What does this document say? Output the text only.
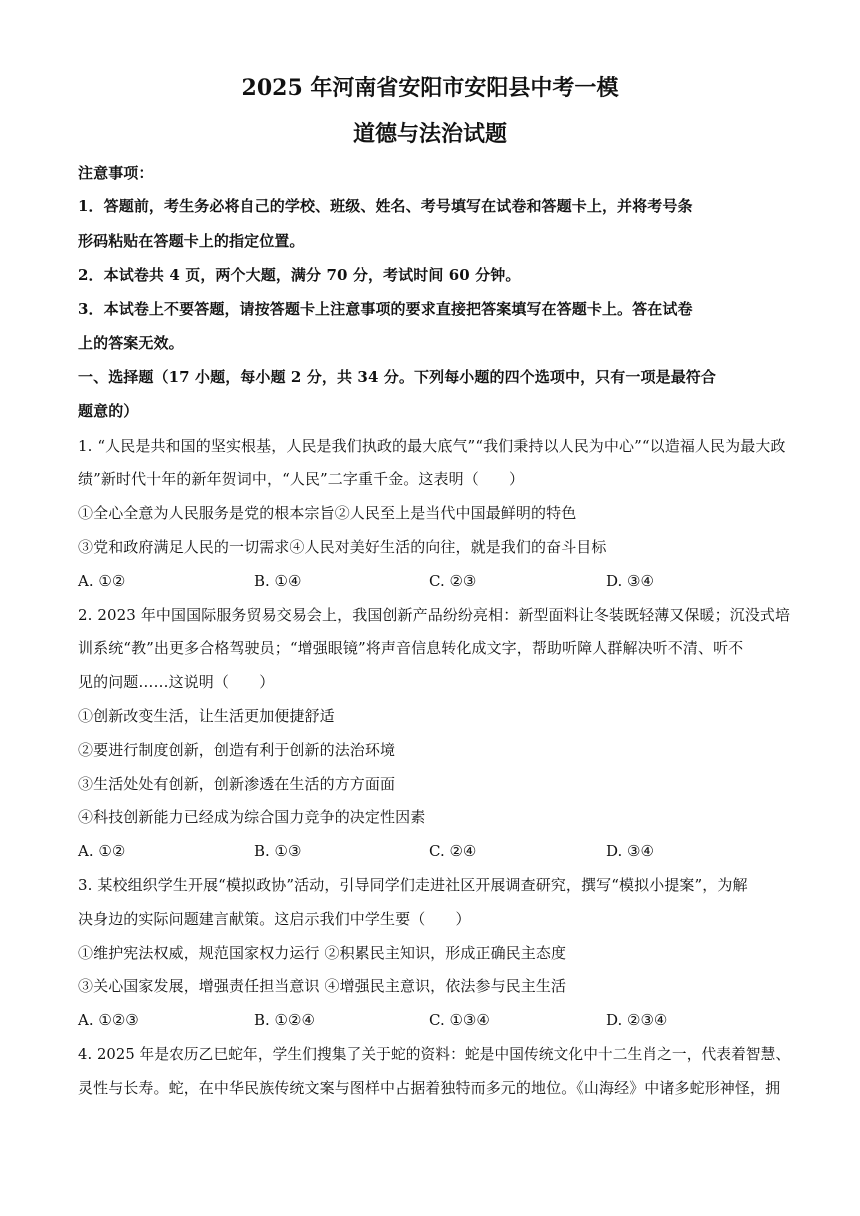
2025 年河南省安阳市安阳县中考一模
道德与法治试题
注意事项：
1．答题前，考生务必将自己的学校、班级、姓名、考号填写在试卷和答题卡上，并将考号条
形码粘贴在答题卡上的指定位置。
2．本试卷共 4 页，两个大题，满分 70 分，考试时间 60 分钟。
3．本试卷上不要答题，请按答题卡上注意事项的要求直接把答案填写在答题卡上。答在试卷
上的答案无效。
一、选择题（17 小题，每小题 2 分，共 34 分。下列每小题的四个选项中，只有一项是最符合
题意的）
1. “人民是共和国的坚实根基，人民是我们执政的最大底气”“我们秉持以人民为中心”“以造福人民为最大政
绩”新时代十年的新年贺词中，“人民”二字重千金。这表明（　　）
①全心全意为人民服务是党的根本宗旨②人民至上是当代中国最鲜明的特色
③党和政府满足人民的一切需求④人民对美好生活的向往，就是我们的奋斗目标
A. ①②	B. ①④	C. ②③	D. ③④
2. 2023 年中国国际服务贸易交易会上，我国创新产品纷纷亮相：新型面料让冬装既轻薄又保暖；沉没式培
训系统“教”出更多合格驾驶员；“增强眼镜”将声音信息转化成文字，帮助听障人群解决听不清、听不
见的问题……这说明（　　）
①创新改变生活，让生活更加便捷舒适
②要进行制度创新，创造有利于创新的法治环境
③生活处处有创新，创新渗透在生活的方方面面
④科技创新能力已经成为综合国力竞争的决定性因素
A. ①②	B. ①③	C. ②④	D. ③④
3. 某校组织学生开展“模拟政协”活动，引导同学们走进社区开展调查研究，撰写“模拟小提案”，为解
决身边的实际问题建言献策。这启示我们中学生要（　　）
①维护宪法权威，规范国家权力运行 ②积累民主知识，形成正确民主态度
③关心国家发展，增强责任担当意识 ④增强民主意识，依法参与民主生活
A. ①②③	B. ①②④	C. ①③④	D. ②③④
4. 2025 年是农历乙巳蛇年，学生们搜集了关于蛇的资料：蛇是中国传统文化中十二生肖之一，代表着智慧、
灵性与长寿。蛇，在中华民族传统文案与图样中占据着独特而多元的地位。《山海经》中诸多蛇形神怪，拥
